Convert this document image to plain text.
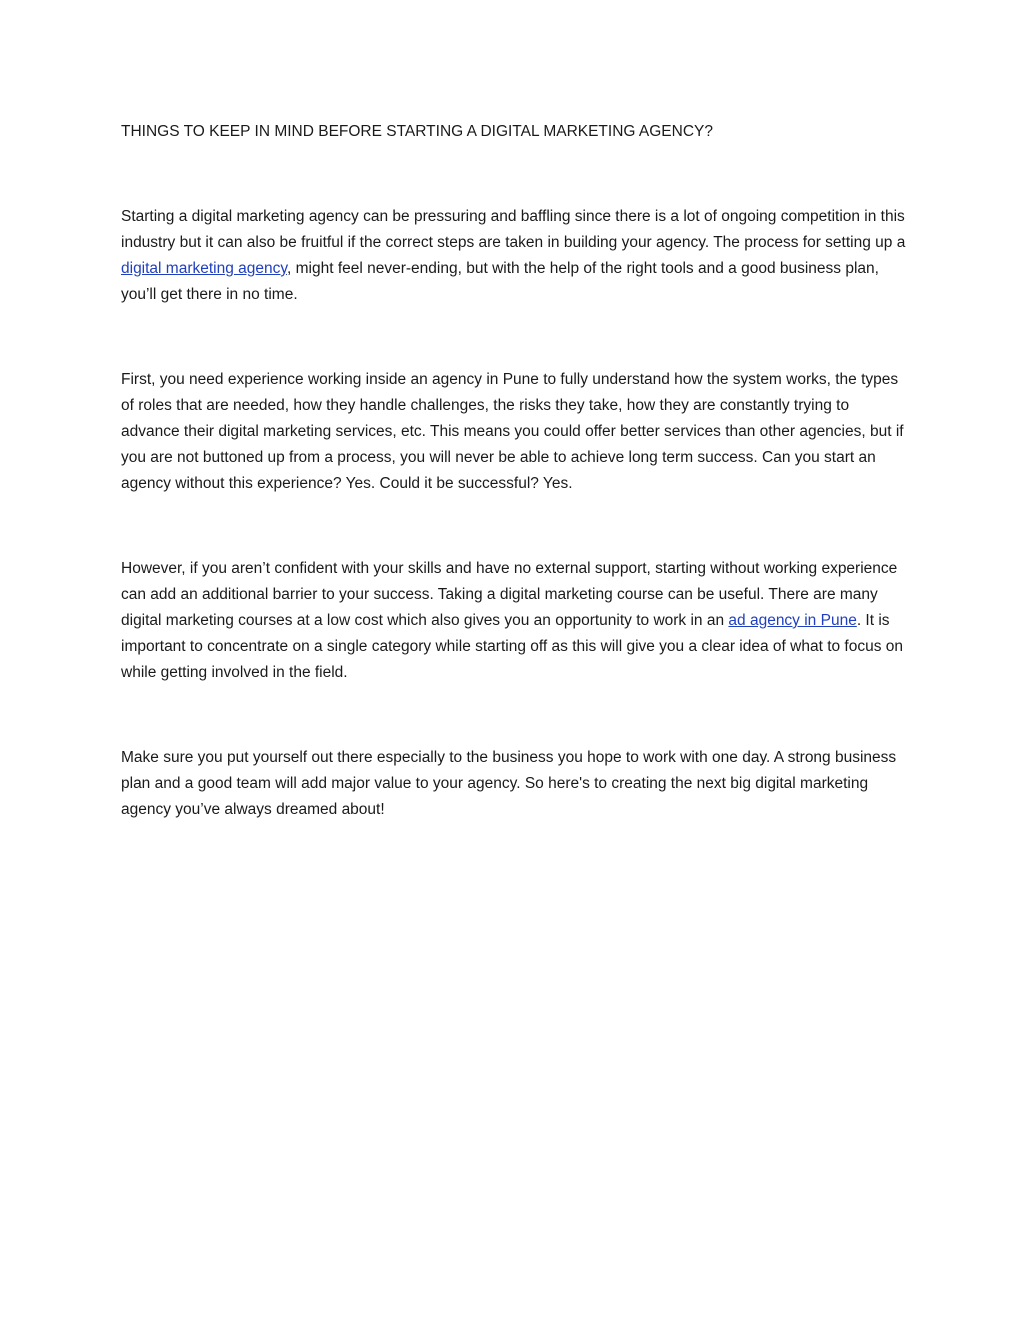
THINGS TO KEEP IN MIND BEFORE STARTING A DIGITAL MARKETING AGENCY?

Starting a digital marketing agency can be pressuring and baffling since there is a lot of ongoing competition in this industry but it can also be fruitful if the correct steps are taken in building your agency. The process for setting up a digital marketing agency, might feel never-ending, but with the help of the right tools and a good business plan, you’ll get there in no time.

First, you need experience working inside an agency in Pune to fully understand how the system works, the types of roles that are needed, how they handle challenges, the risks they take, how they are constantly trying to advance their digital marketing services, etc. This means you could offer better services than other agencies, but if you are not buttoned up from a process, you will never be able to achieve long term success. Can you start an agency without this experience? Yes. Could it be successful? Yes.

However, if you aren’t confident with your skills and have no external support, starting without working experience can add an additional barrier to your success. Taking a digital marketing course can be useful. There are many digital marketing courses at a low cost which also gives you an opportunity to work in an ad agency in Pune. It is important to concentrate on a single category while starting off as this will give you a clear idea of what to focus on while getting involved in the field.

Make sure you put yourself out there especially to the business you hope to work with one day. A strong business plan and a good team will add major value to your agency. So here's to creating the next big digital marketing agency you’ve always dreamed about!
